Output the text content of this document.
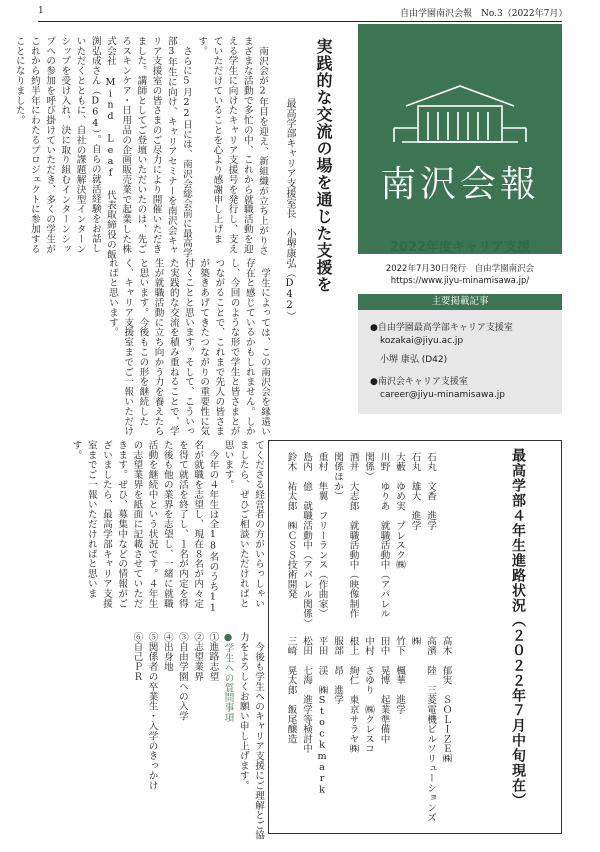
1	自由学園南沢会報　No.3（2022年7月）
南沢会報
2022年度キャリア支援
2022年7月30日発行　自由学園南沢会
https://www.jiyu-minamisawa.jp/
主要掲載記事
●自由学園最高学部キャリア支援室
kozakai@jiyu.ac.jp
小堺 康弘 (D42)
●南沢会キャリア支援室
career@jiyu-minamisawa.jp
実践的な交流の場を通じた支援を
最高学部キャリア支援室長　小堺康弘（D42）

南沢会が2年目を迎え、新組織が立ち上がりさまざまな活動で多忙の中、これから就職活動を迎える学生に向けたキャリア支援号を発行し、支えていただけていることを心より感謝申し上げます。

さらに5月22日には、南沢会総会前に最高学部3年生に向け、キャリアセミナーを南沢会キャリア支援室の皆さまのご尽力により開催いただきました。講師としてご登壇いただいたのは、先ごろスキンケア・日用品の企画販売業で起業した株式会社 Mind Leaf 代表取締役の飯渕弘成さん（D64）。自らの就活経験をお話しいただくとともに、自社の課題解決型インターンシップを受け入れ、決に取り組むインターンシップへの参加を呼び掛けていただき、多くの学生がこれから約半年にわたるプロジェクトに参加することになりました。

学生によっては、この南沢会を縁遠い存在と感じているかもしれません。しかし、今回のような形で学生と皆さまとがつながることで、これまで先人の皆さまが築きあげてきたつながりの重要性に気付くことと思います。そして、こういった実践的な交流を積み重ねることで、学生が就職活動に立ち向かう力を養えたらと思います。今後もこの形を継続したく、キャリア支援室までご一報いただければと思います。

最高学部４年生進路状況（２０２２年７月中旬現在）
石丸　文香　進学
石丸　雄大　進学
大藪　ゆめ実　プレスク㈱
川野　ゆりあ　就職活動中（アパレル関係）
酒井　大志郎　就職活動中（映像制作関係ほか）
重村　隼翼　フリーランス（作曲家）
島内　億　就職活動中（アパレル関係）
鈴木　祐太郎　㈱ＣＳＳ技術開発
高木　郁実　ＳＯＬＩＺＥ㈱
高濱　陸　三菱電機ビルソリューションズ㈱
竹下　楓華　進学
田中　晃博　起業準備中
中村　さゆり　㈱クレスコ
根上　絢仁　東京サラヤ㈱
服部　昂　進学
平田　渓　㈱Stockmark
松田　七海　進学等検討中
三崎　晃太郎　飯尾醸造

てくださる経営者の方がいらっしゃいましたら、ぜひご相談いただければと思います。

今年の４年生は全18名のうち11名が就職を志望し、現在８名が内々定を得て就活を終了し、１名が内定を得た後も他の業界を志望し、一緒に就職活動を継続中という状況です。４年生の志望業界を紙面に記載させていただきます。ぜひ、募集中などの情報がございましたら、最高学部キャリア支援室までご一報いただければと思います。

今後も学生へのキャリア支援にご理解とご協力をよろしくお願い申し上げます。

●学生への質問事項

①進路志望

②志望業界

③自由学園への入学

④出身地

⑤関係者の卒業生・入学のきっかけ

⑥自己ＰＲ
